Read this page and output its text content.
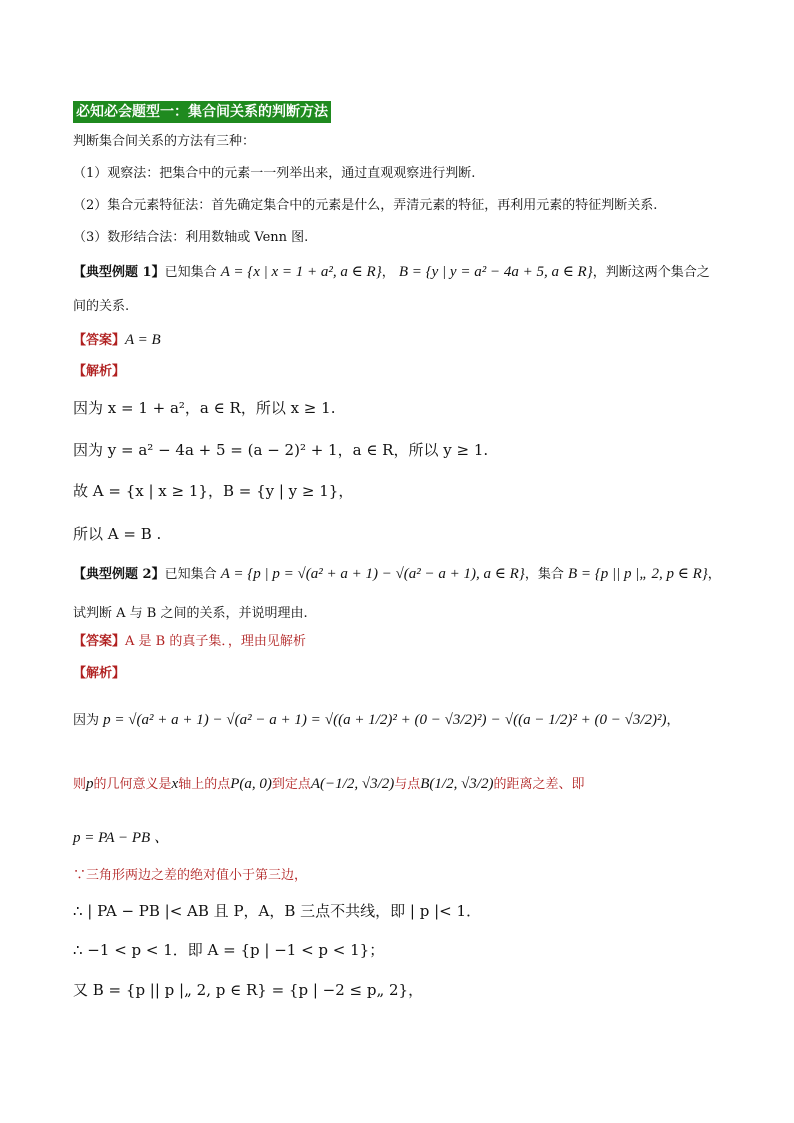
必知必会题型一：集合间关系的判断方法
判断集合间关系的方法有三种：
（1）观察法：把集合中的元素一一列举出来，通过直观观察进行判断.
（2）集合元素特征法：首先确定集合中的元素是什么，弄清元素的特征，再利用元素的特征判断关系.
（3）数形结合法：利用数轴或 Venn 图.
【典型例题 1】已知集合 A = {x | x = 1 + a², a ∈ R}， B = {y | y = a² − 4a + 5, a ∈ R}，判断这两个集合之
间的关系.
【答案】A = B
【解析】
因为 x = 1 + a²，a ∈ R，所以 x ≥ 1.
因为 y = a² − 4a + 5 = (a − 2)² + 1，a ∈ R，所以 y ≥ 1.
故 A = {x | x ≥ 1}，B = {y | y ≥ 1}，
所以 A = B .
【典型例题 2】已知集合 A = {p | p = √(a² + a + 1) − √(a² − a + 1), a ∈ R}，集合 B = {p || p |„ 2, p ∈ R}，
试判断 A 与 B 之间的关系，并说明理由.
【答案】A 是 B 的真子集．，理由见解析
【解析】
因为 p = √(a² + a + 1) − √(a² − a + 1) = √((a + 1/2)² + (0 − √3/2)²) − √((a − 1/2)² + (0 − √3/2)²)，
则p的几何意义是x轴上的点P(a, 0)到定点A(−1/2, √3/2)与点B(1/2, √3/2)的距离之差、即
p = PA − PB 、
∵三角形两边之差的绝对值小于第三边，
∴ | PA − PB |< AB 且 P，A，B 三点不共线，即 | p |< 1．
∴ −1 < p < 1．即 A = {p | −1 < p < 1}；
又 B = {p || p |„ 2, p ∈ R} = {p | −2 ≤ p„ 2}，
